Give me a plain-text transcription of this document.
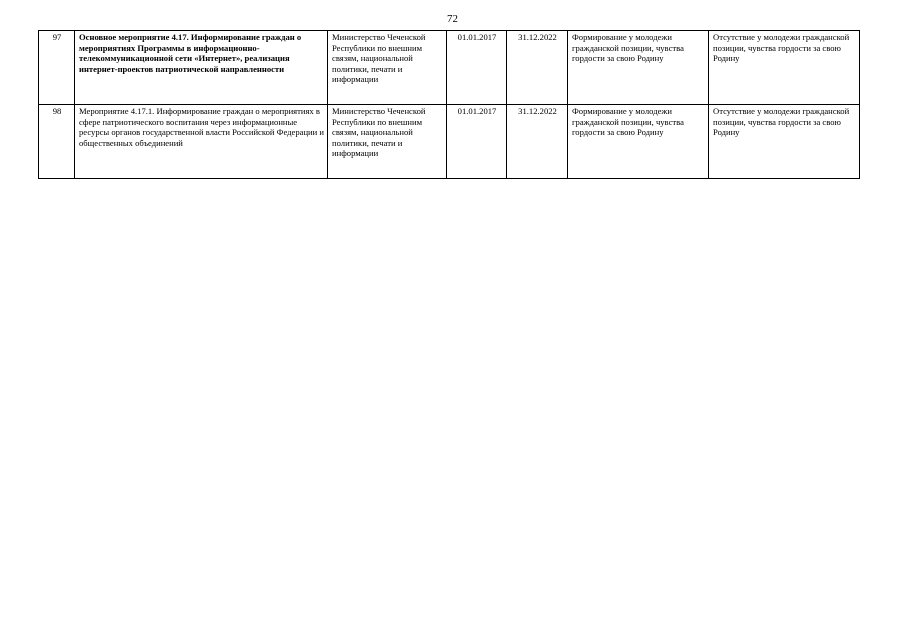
72
97	Основное мероприятие 4.17. Информирование граждан о мероприятиях Программы в информационно-телекоммуникационной сети «Интернет», реализация интернет-проектов патриотической направленности	Министерство Чеченской Республики по внешним связям, национальной политики, печати и информации	01.01.2017	31.12.2022	Формирование у молодежи гражданской позиции, чувства гордости за свою Родину	Отсутствие у молодежи гражданской позиции, чувства гордости за свою Родину
98	Мероприятие 4.17.1. Информирование граждан о мероприятиях в сфере патриотического воспитания через информационные ресурсы органов государственной власти Российской Федерации и общественных объединений	Министерство Чеченской Республики по внешним связям, национальной политики, печати и информации	01.01.2017	31.12.2022	Формирование у молодежи гражданской позиции, чувства гордости за свою Родину	Отсутствие у молодежи гражданской позиции, чувства гордости за свою Родину
